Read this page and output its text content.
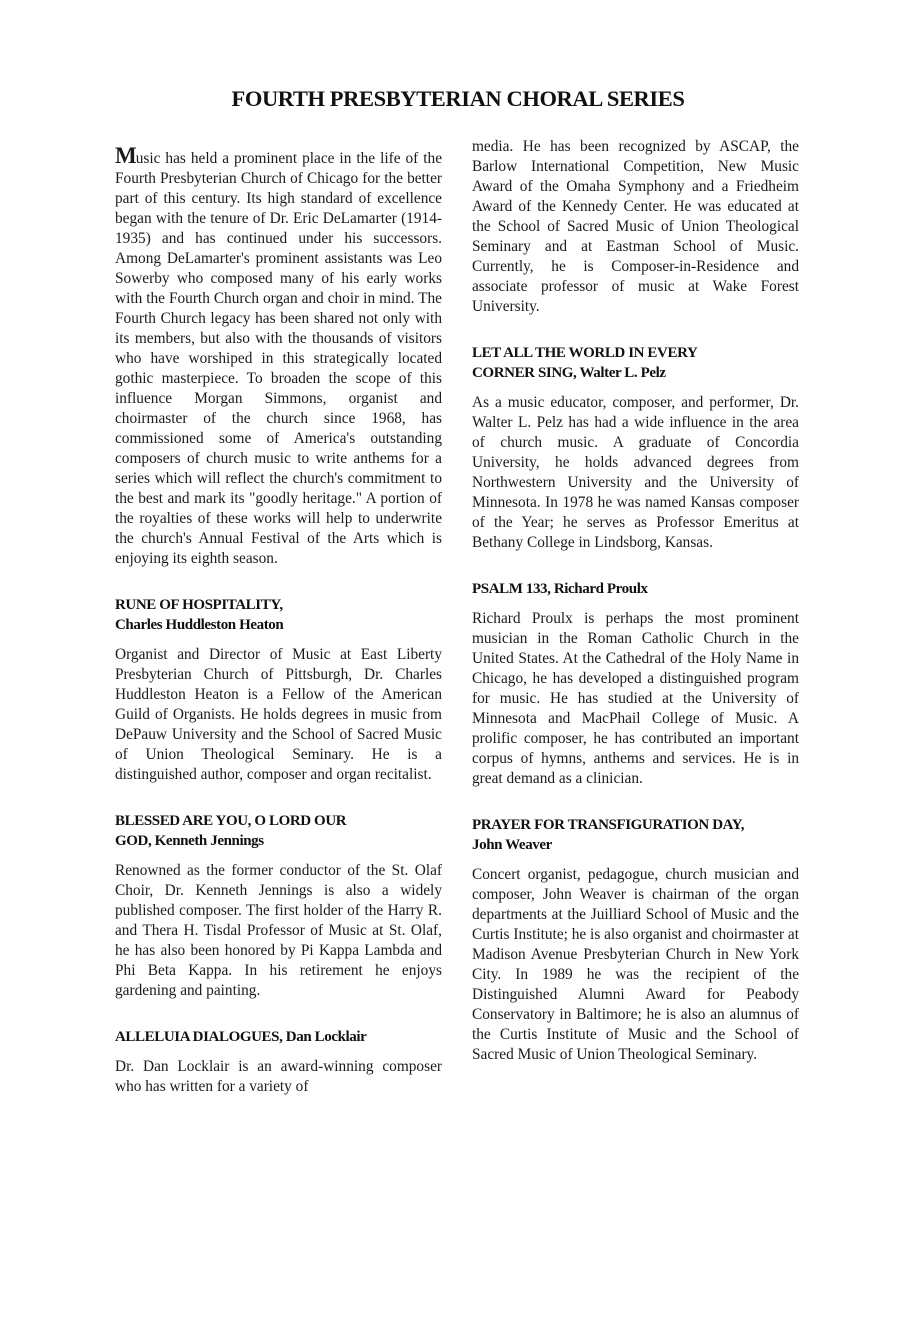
FOURTH PRESBYTERIAN CHORAL SERIES

Music has held a prominent place in the life of the Fourth Presbyterian Church of Chicago for the better part of this century. Its high standard of excellence began with the tenure of Dr. Eric DeLamarter (1914-1935) and has continued under his successors. Among DeLamarter's prominent assistants was Leo Sowerby who composed many of his early works with the Fourth Church organ and choir in mind. The Fourth Church legacy has been shared not only with its members, but also with the thousands of visitors who have worshiped in this strategically located gothic masterpiece. To broaden the scope of this influence Morgan Simmons, organist and choirmaster of the church since 1968, has commissioned some of America's outstanding composers of church music to write anthems for a series which will reflect the church's commitment to the best and mark its "goodly heritage." A portion of the royalties of these works will help to underwrite the church's Annual Festival of the Arts which is enjoying its eighth season.

RUNE OF HOSPITALITY,
Charles Huddleston Heaton

Organist and Director of Music at East Liberty Presbyterian Church of Pittsburgh, Dr. Charles Huddleston Heaton is a Fellow of the American Guild of Organists. He holds degrees in music from DePauw University and the School of Sacred Music of Union Theological Seminary. He is a distinguished author, composer and organ recitalist.

BLESSED ARE YOU, O LORD OUR
GOD, Kenneth Jennings

Renowned as the former conductor of the St. Olaf Choir, Dr. Kenneth Jennings is also a widely published composer. The first holder of the Harry R. and Thera H. Tisdal Professor of Music at St. Olaf, he has also been honored by Pi Kappa Lambda and Phi Beta Kappa. In his retirement he enjoys gardening and painting.

ALLELUIA DIALOGUES, Dan Locklair

Dr. Dan Locklair is an award-winning composer who has written for a variety of

media. He has been recognized by ASCAP, the Barlow International Competition, New Music Award of the Omaha Symphony and a Friedheim Award of the Kennedy Center. He was educated at the School of Sacred Music of Union Theological Seminary and at Eastman School of Music. Currently, he is Composer-in-Residence and associate professor of music at Wake Forest University.

LET ALL THE WORLD IN EVERY
CORNER SING, Walter L. Pelz

As a music educator, composer, and performer, Dr. Walter L. Pelz has had a wide influence in the area of church music. A graduate of Concordia University, he holds advanced degrees from Northwestern University and the University of Minnesota. In 1978 he was named Kansas composer of the Year; he serves as Professor Emeritus at Bethany College in Lindsborg, Kansas.

PSALM 133, Richard Proulx

Richard Proulx is perhaps the most prominent musician in the Roman Catholic Church in the United States. At the Cathedral of the Holy Name in Chicago, he has developed a distinguished program for music. He has studied at the University of Minnesota and MacPhail College of Music. A prolific composer, he has contributed an important corpus of hymns, anthems and services. He is in great demand as a clinician.

PRAYER FOR TRANSFIGURATION DAY,
John Weaver

Concert organist, pedagogue, church musician and composer, John Weaver is chairman of the organ departments at the Juilliard School of Music and the Curtis Institute; he is also organist and choirmaster at Madison Avenue Presbyterian Church in New York City. In 1989 he was the recipient of the Distinguished Alumni Award for Peabody Conservatory in Baltimore; he is also an alumnus of the Curtis Institute of Music and the School of Sacred Music of Union Theological Seminary.
